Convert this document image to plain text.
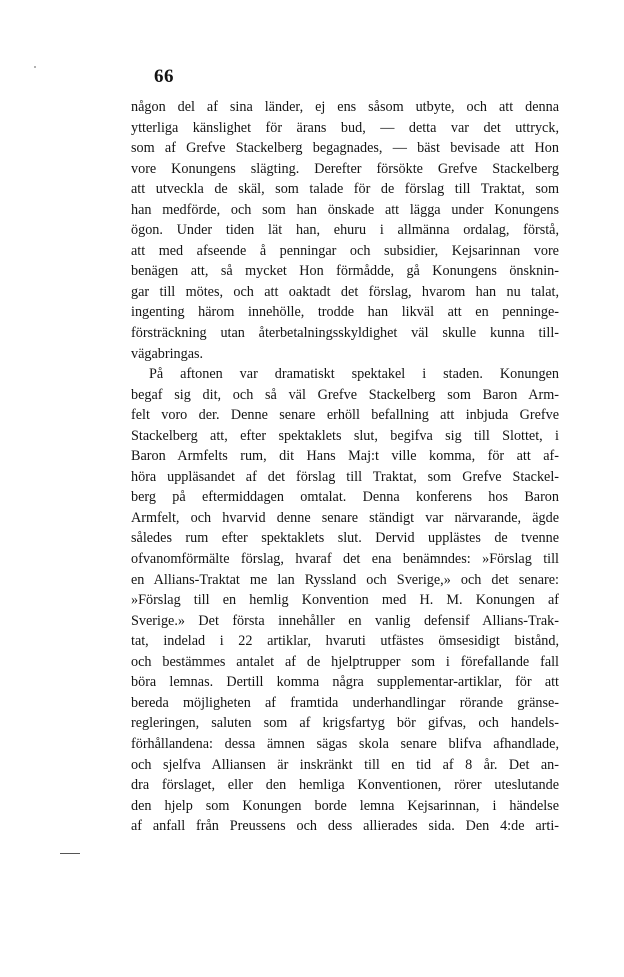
66
någon del af sina länder, ej ens såsom utbyte, och att denna
ytterliga känslighet för ärans bud, — detta var det uttryck,
som af Grefve Stackelberg begagnades, — bäst bevisade att Hon
vore Konungens slägting. Derefter försökte Grefve Stackelberg
att utveckla de skäl, som talade för de förslag till Traktat, som
han medförde, och som han önskade att lägga under Konungens
ögon. Under tiden lät han, ehuru i allmänna ordalag, förstå,
att med afseende å penningar och subsidier, Kejsarinnan vore
benägen att, så mycket Hon förmådde, gå Konungens önsknin-
gar till mötes, och att oaktadt det förslag, hvarom han nu talat,
ingenting härom innehölle, trodde han likväl att en penninge-
försträckning utan återbetalningsskyldighet väl skulle kunna till-
vägabringas.
På aftonen var dramatiskt spektakel i staden. Konungen
begaf sig dit, och så väl Grefve Stackelberg som Baron Arm-
felt voro der. Denne senare erhöll befallning att inbjuda Grefve
Stackelberg att, efter spektaklets slut, begifva sig till Slottet, i
Baron Armfelts rum, dit Hans Maj:t ville komma, för att af-
höra uppläsandet af det förslag till Traktat, som Grefve Stackel-
berg på eftermiddagen omtalat. Denna konferens hos Baron
Armfelt, och hvarvid denne senare ständigt var närvarande, ägde
således rum efter spektaklets slut. Dervid upplästes de tvenne
ofvanomförmälte förslag, hvaraf det ena benämndes: »Förslag till
en Allians-Traktat me lan Ryssland och Sverige,» och det senare:
»Förslag till en hemlig Konvention med H. M. Konungen af
Sverige.» Det första innehåller en vanlig defensif Allians-Trak-
tat, indelad i 22 artiklar, hvaruti utfästes ömsesidigt bistånd,
och bestämmes antalet af de hjelptrupper som i förefallande fall
böra lemnas. Dertill komma några supplementar-artiklar, för att
bereda möjligheten af framtida underhandlingar rörande gränse-
regleringen, saluten som af krigsfartyg bör gifvas, och handels-
förhållandena: dessa ämnen sägas skola senare blifva afhandlade,
och sjelfva Alliansen är inskränkt till en tid af 8 år. Det an-
dra förslaget, eller den hemliga Konventionen, rörer uteslutande
den hjelp som Konungen borde lemna Kejsarinnan, i händelse
af anfall från Preussens och dess allierades sida. Den 4:de arti-
